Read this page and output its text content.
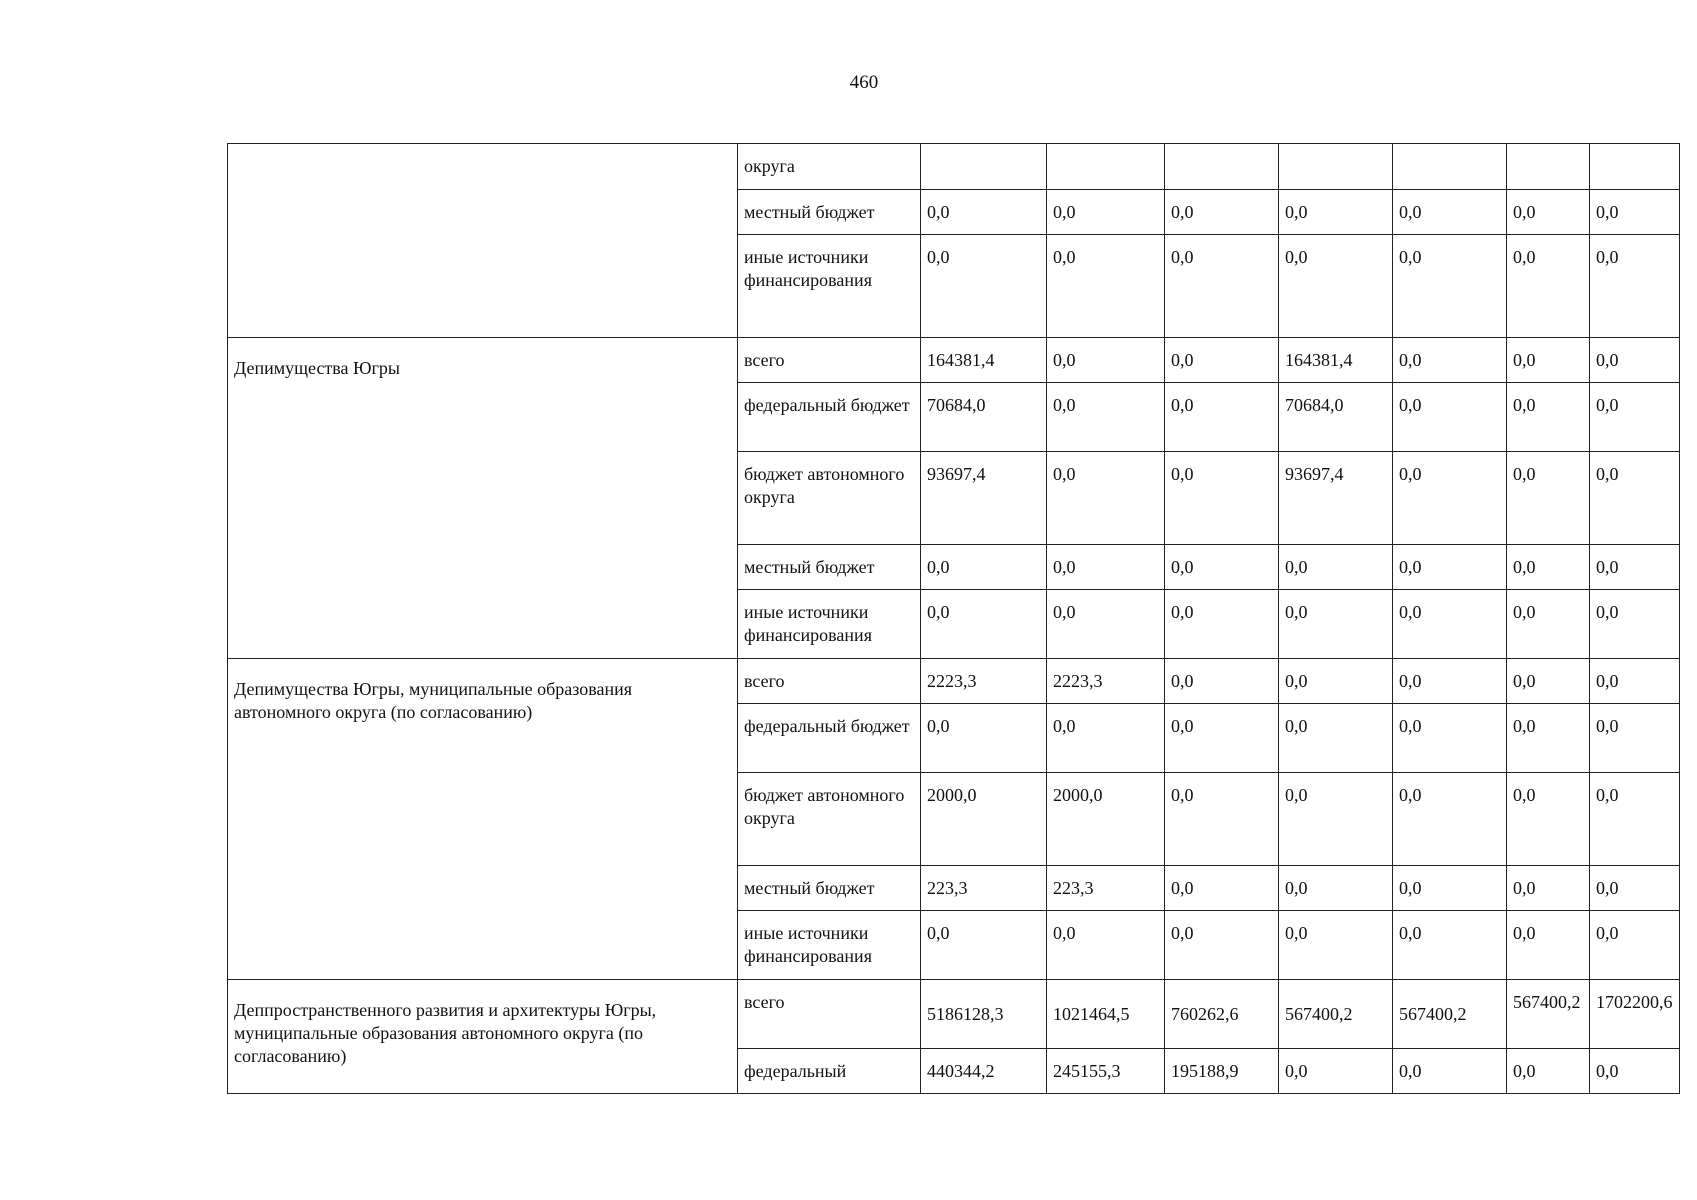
460
	округа							
	местный бюджет	0,0	0,0	0,0	0,0	0,0	0,0	0,0
	иные источники финансирования	0,0	0,0	0,0	0,0	0,0	0,0	0,0
Депимущества Югры	всего	164381,4	0,0	0,0	164381,4	0,0	0,0	0,0
	федеральный бюджет	70684,0	0,0	0,0	70684,0	0,0	0,0	0,0
	бюджет автономного округа	93697,4	0,0	0,0	93697,4	0,0	0,0	0,0
	местный бюджет	0,0	0,0	0,0	0,0	0,0	0,0	0,0
	иные источники финансирования	0,0	0,0	0,0	0,0	0,0	0,0	0,0
Депимущества Югры, муниципальные образования автономного округа (по согласованию)	всего	2223,3	2223,3	0,0	0,0	0,0	0,0	0,0
	федеральный бюджет	0,0	0,0	0,0	0,0	0,0	0,0	0,0
	бюджет автономного округа	2000,0	2000,0	0,0	0,0	0,0	0,0	0,0
	местный бюджет	223,3	223,3	0,0	0,0	0,0	0,0	0,0
	иные источники финансирования	0,0	0,0	0,0	0,0	0,0	0,0	0,0
Деппространственного развития и архитектуры Югры, муниципальные образования автономного округа (по согласованию)	всего	5186128,3	1021464,5	760262,6	567400,2	567400,2	567400,2	1702200,6
	федеральный	440344,2	245155,3	195188,9	0,0	0,0	0,0	0,0
